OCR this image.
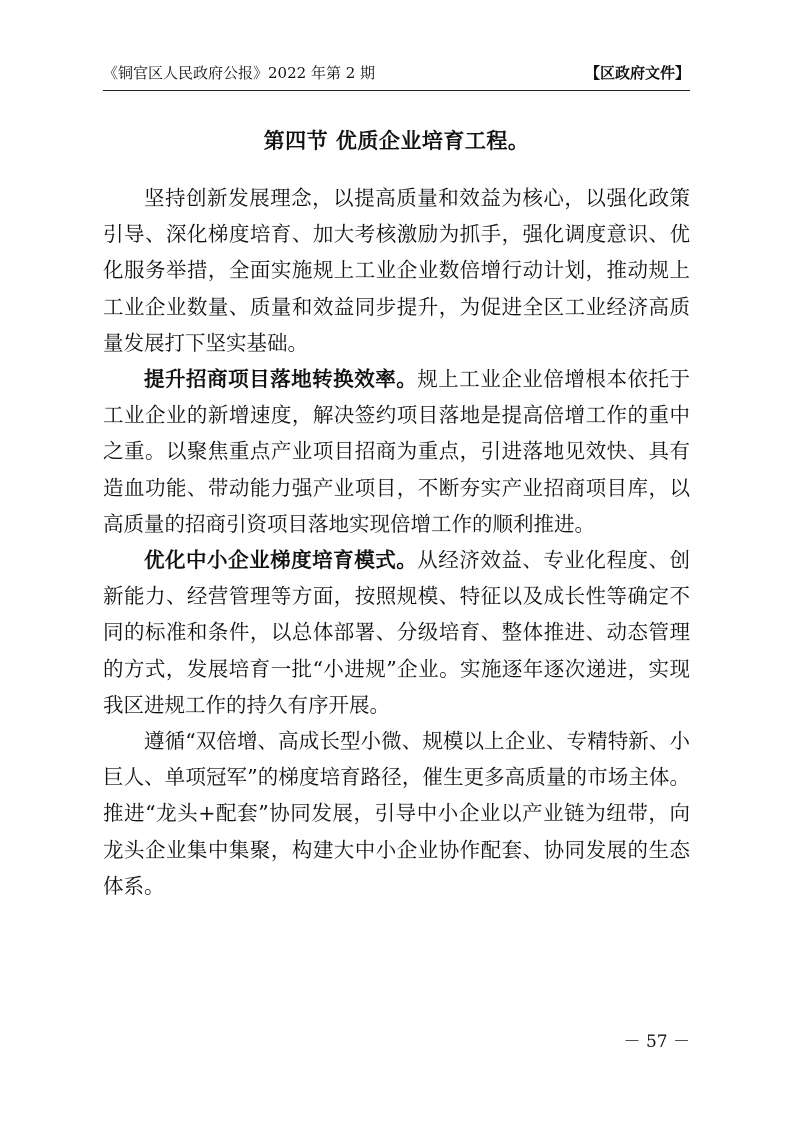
《铜官区人民政府公报》2022 年第 2 期	【区政府文件】
第四节 优质企业培育工程。

坚持创新发展理念，以提高质量和效益为核心，以强化政策引导、深化梯度培育、加大考核激励为抓手，强化调度意识、优化服务举措，全面实施规上工业企业数倍增行动计划，推动规上工业企业数量、质量和效益同步提升，为促进全区工业经济高质量发展打下坚实基础。

提升招商项目落地转换效率。规上工业企业倍增根本依托于工业企业的新增速度，解决签约项目落地是提高倍增工作的重中之重。以聚焦重点产业项目招商为重点，引进落地见效快、具有造血功能、带动能力强产业项目，不断夯实产业招商项目库，以高质量的招商引资项目落地实现倍增工作的顺利推进。

优化中小企业梯度培育模式。从经济效益、专业化程度、创新能力、经营管理等方面，按照规模、特征以及成长性等确定不同的标准和条件，以总体部署、分级培育、整体推进、动态管理的方式，发展培育一批“小进规”企业。实施逐年逐次递进，实现我区进规工作的持久有序开展。

遵循“双倍增、高成长型小微、规模以上企业、专精特新、小巨人、单项冠军”的梯度培育路径，催生更多高质量的市场主体。推进“龙头+配套”协同发展，引导中小企业以产业链为纽带，向龙头企业集中集聚，构建大中小企业协作配套、协同发展的生态体系。

－ 57 －
